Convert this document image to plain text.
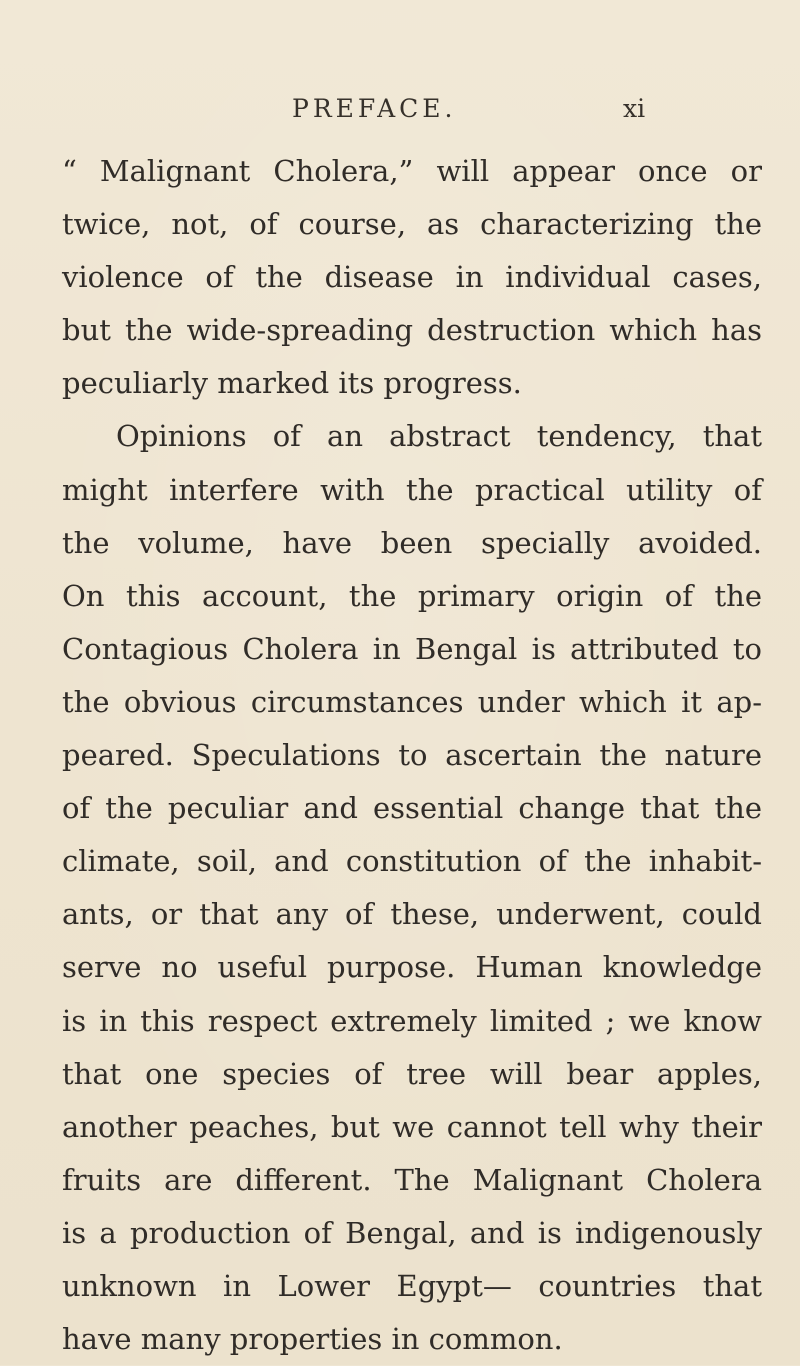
PREFACE.	xi
“ Malignant Cholera,” will appear once or
twice, not, of course, as characterizing the
violence of the disease in individual cases,
but the wide-spreading destruction which has
peculiarly marked its progress.
Opinions of an abstract tendency, that
might interfere with the practical utility of
the volume, have been specially avoided.
On this account, the primary origin of the
Contagious Cholera in Bengal is attributed to
the obvious circumstances under which it ap-
peared. Speculations to ascertain the nature
of the peculiar and essential change that the
climate, soil, and constitution of the inhabit-
ants, or that any of these, underwent, could
serve no useful purpose. Human knowledge
is in this respect extremely limited ; we know
that one species of tree will bear apples,
another peaches, but we cannot tell why their
fruits are different. The Malignant Cholera
is a production of Bengal, and is indigenously
unknown in Lower Egypt— countries that
have many properties in common.
